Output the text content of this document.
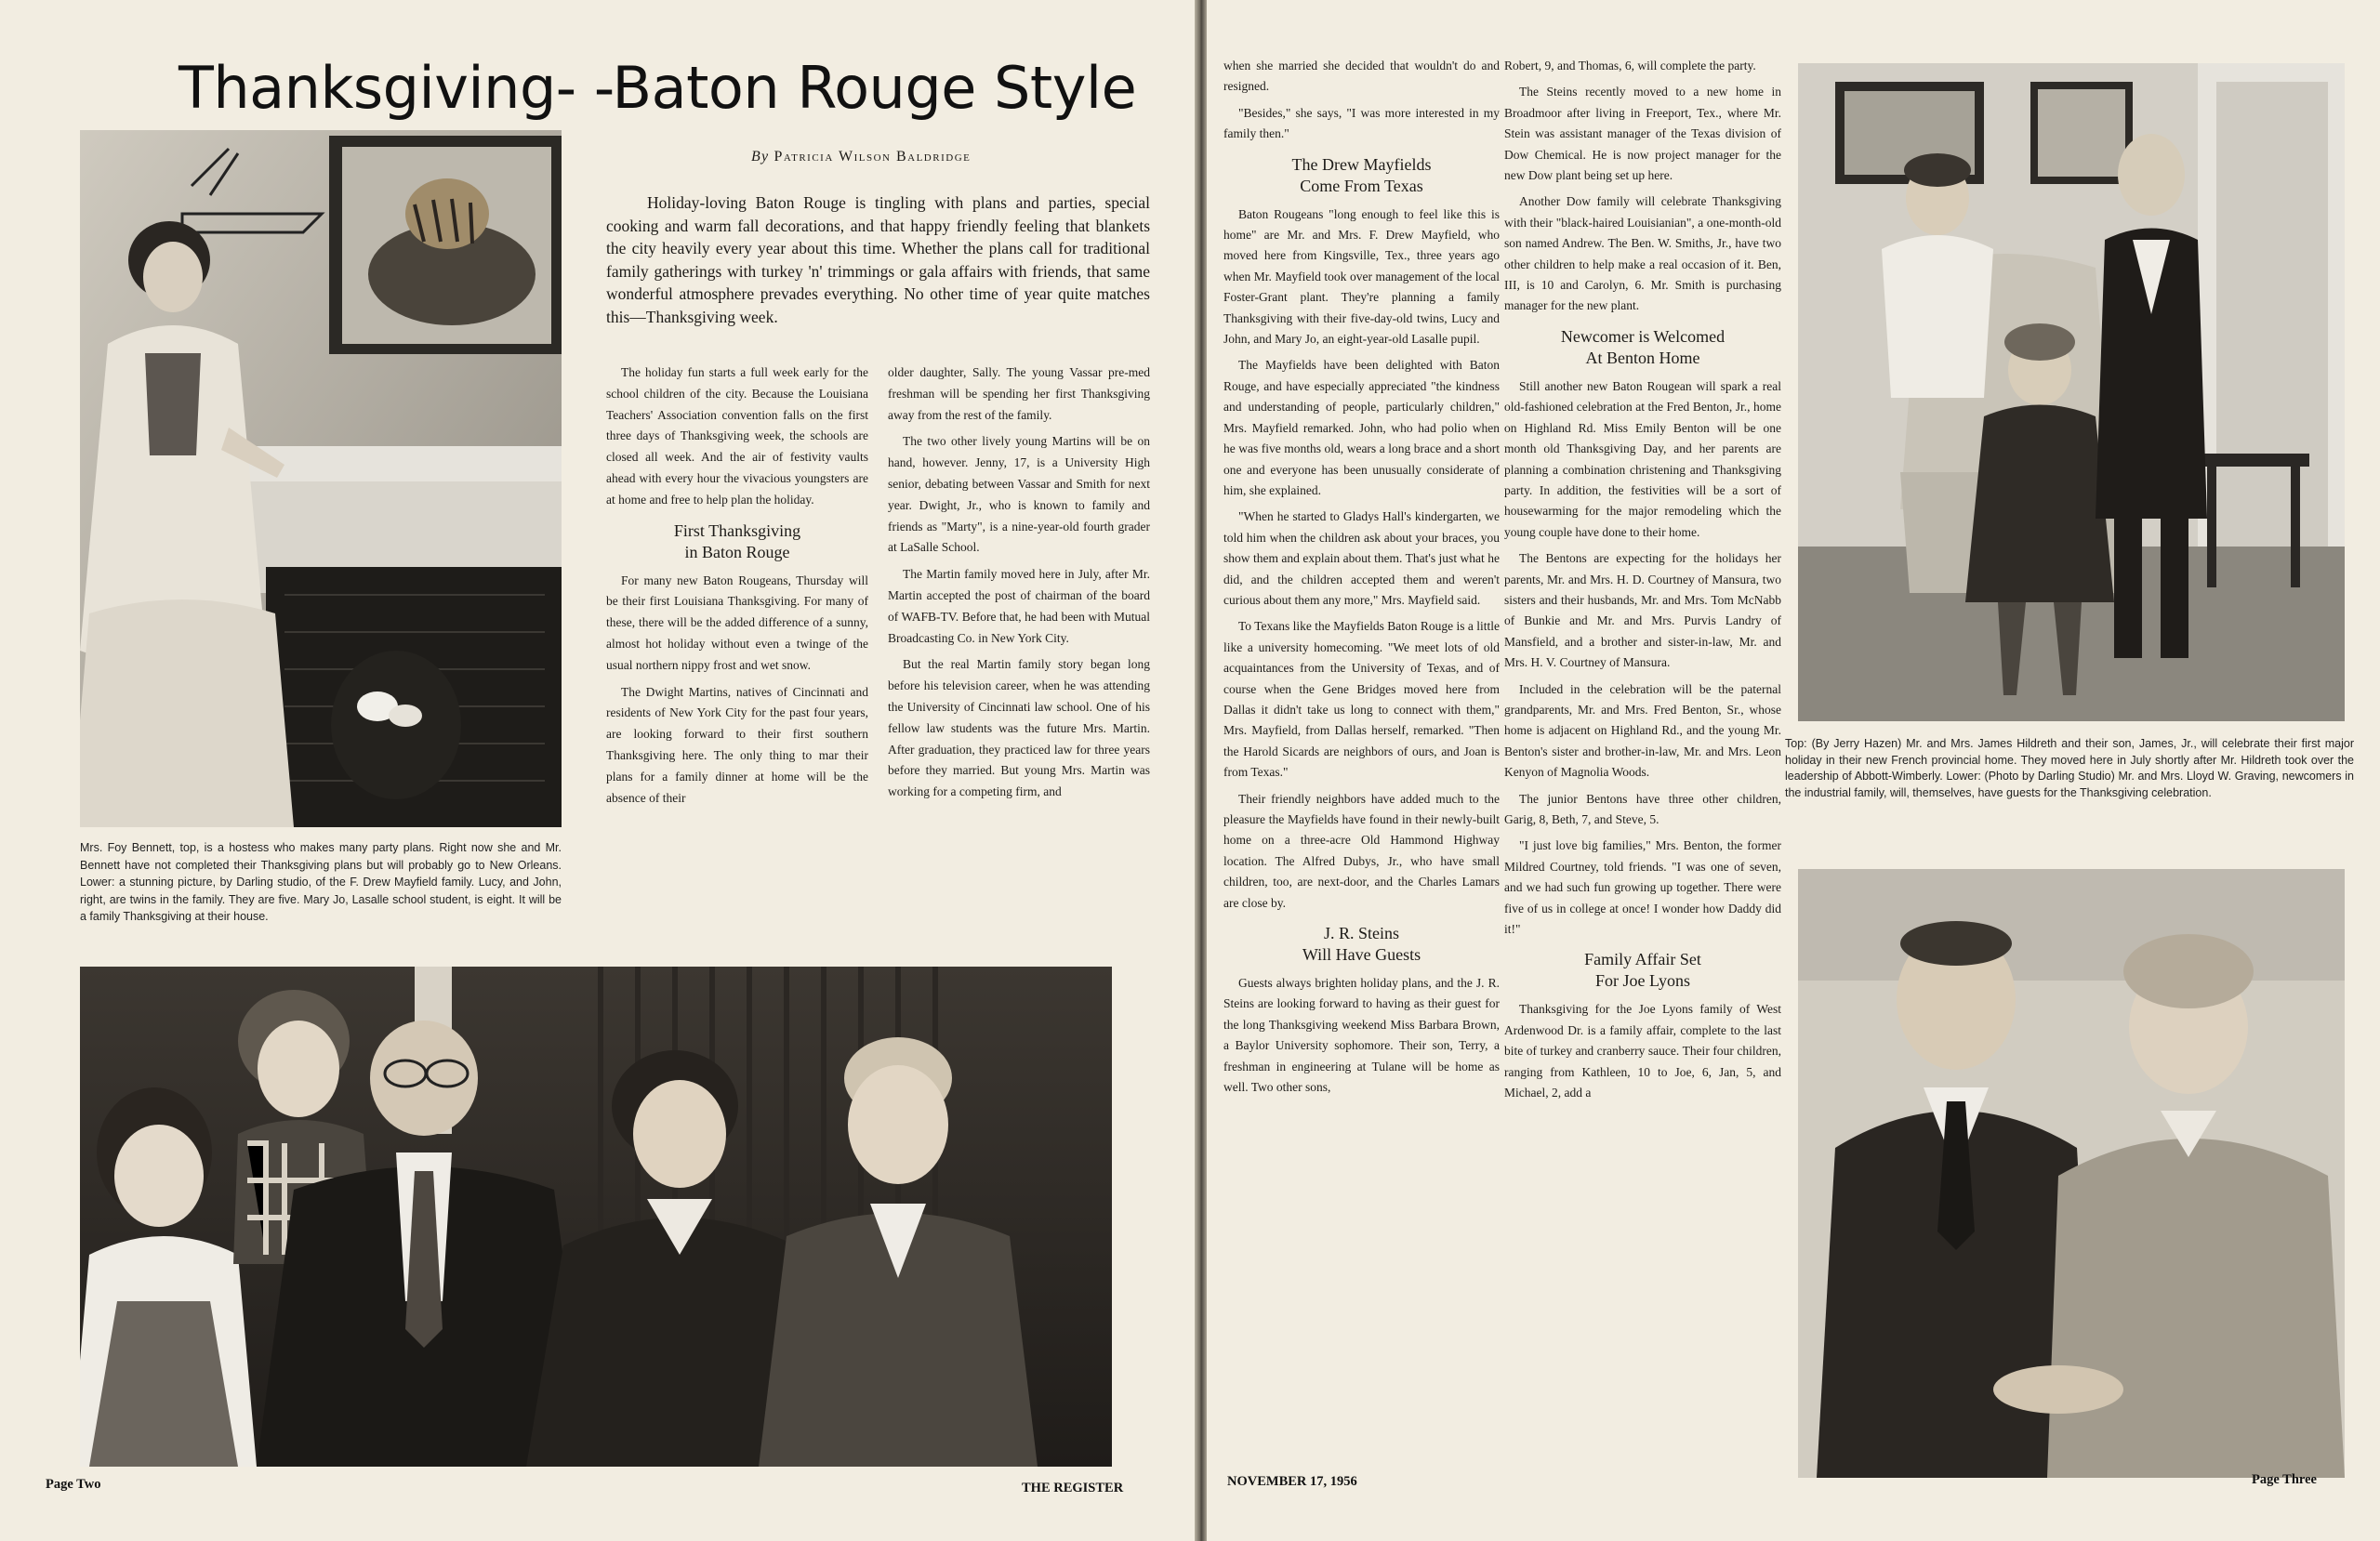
Thanksgiving- -Baton Rouge Style

Mrs. Foy Bennett, top, is a hostess who makes many party plans. Right now she and Mr. Bennett have not completed their Thanksgiving plans but will probably go to New Orleans. Lower: a stunning picture, by Darling studio, of the F. Drew Mayfield family. Lucy, and John, right, are twins in the family. They are five. Mary Jo, Lasalle school student, is eight. It will be a family Thanksgiving at their house.

By Patricia Wilson Baldridge

Holiday-loving Baton Rouge is tingling with plans and parties, special cooking and warm fall decorations, and that happy friendly feeling that blankets the city heavily every year about this time. Whether the plans call for traditional family gatherings with turkey 'n' trimmings or gala affairs with friends, that same wonderful atmosphere prevades everything. No other time of year quite matches this—Thanksgiving week.

The holiday fun starts a full week early for the school children of the city. Because the Louisiana Teachers' Association convention falls on the first three days of Thanksgiving week, the schools are closed all week. And the air of festivity vaults ahead with every hour the vivacious youngsters are at home and free to help plan the holiday.

First Thanksgiving
in Baton Rouge

For many new Baton Rougeans, Thursday will be their first Louisiana Thanksgiving. For many of these, there will be the added difference of a sunny, almost hot holiday without even a twinge of the usual northern nippy frost and wet snow.

The Dwight Martins, natives of Cincinnati and residents of New York City for the past four years, are looking forward to their first southern Thanksgiving here. The only thing to mar their plans for a family dinner at home will be the absence of their

older daughter, Sally. The young Vassar pre-med freshman will be spending her first Thanksgiving away from the rest of the family.

The two other lively young Martins will be on hand, however. Jenny, 17, is a University High senior, debating between Vassar and Smith for next year. Dwight, Jr., who is known to family and friends as "Marty", is a nine-year-old fourth grader at LaSalle School.

The Martin family moved here in July, after Mr. Martin accepted the post of chairman of the board of WAFB-TV. Before that, he had been with Mutual Broadcasting Co. in New York City.

But the real Martin family story began long before his television career, when he was attending the University of Cincinnati law school. One of his fellow law students was the future Mrs. Martin. After graduation, they practiced law for three years before they married. But young Mrs. Martin was working for a competing firm, and

Page Two	THE REGISTER

when she married she decided that wouldn't do and resigned.

"Besides," she says, "I was more interested in my family then."

The Drew Mayfields
Come From Texas

Baton Rougeans "long enough to feel like this is home" are Mr. and Mrs. F. Drew Mayfield, who moved here from Kingsville, Tex., three years ago when Mr. Mayfield took over management of the local Foster-Grant plant. They're planning a family Thanksgiving with their five-day-old twins, Lucy and John, and Mary Jo, an eight-year-old Lasalle pupil.

The Mayfields have been delighted with Baton Rouge, and have especially appreciated "the kindness and understanding of people, particularly children," Mrs. Mayfield remarked. John, who had polio when he was five months old, wears a long brace and a short one and everyone has been unusually considerate of him, she explained.

"When he started to Gladys Hall's kindergarten, we told him when the children ask about your braces, you show them and explain about them. That's just what he did, and the children accepted them and weren't curious about them any more," Mrs. Mayfield said.

To Texans like the Mayfields Baton Rouge is a little like a university homecoming. "We meet lots of old acquaintances from the University of Texas, and of course when the Gene Bridges moved here from Dallas it didn't take us long to connect with them," Mrs. Mayfield, from Dallas herself, remarked. "Then the Harold Sicards are neighbors of ours, and Joan is from Texas."

Their friendly neighbors have added much to the pleasure the Mayfields have found in their newly-built home on a three-acre Old Hammond Highway location. The Alfred Dubys, Jr., who have small children, too, are next-door, and the Charles Lamars are close by.

J. R. Steins
Will Have Guests

Guests always brighten holiday plans, and the J. R. Steins are looking forward to having as their guest for the long Thanksgiving weekend Miss Barbara Brown, a Baylor University sophomore. Their son, Terry, a freshman in engineering at Tulane will be home as well. Two other sons,

Robert, 9, and Thomas, 6, will complete the party.

The Steins recently moved to a new home in Broadmoor after living in Freeport, Tex., where Mr. Stein was assistant manager of the Texas division of Dow Chemical. He is now project manager for the new Dow plant being set up here.

Another Dow family will celebrate Thanksgiving with their "black-haired Louisianian", a one-month-old son named Andrew. The Ben. W. Smiths, Jr., have two other children to help make a real occasion of it. Ben, III, is 10 and Carolyn, 6. Mr. Smith is purchasing manager for the new plant.

Newcomer is Welcomed
At Benton Home

Still another new Baton Rougean will spark a real old-fashioned celebration at the Fred Benton, Jr., home on Highland Rd. Miss Emily Benton will be one month old Thanksgiving Day, and her parents are planning a combination christening and Thanksgiving party. In addition, the festivities will be a sort of housewarming for the major remodeling which the young couple have done to their home.

The Bentons are expecting for the holidays her parents, Mr. and Mrs. H. D. Courtney of Mansura, two sisters and their husbands, Mr. and Mrs. Tom McNabb of Bunkie and Mr. and Mrs. Purvis Landry of Mansfield, and a brother and sister-in-law, Mr. and Mrs. H. V. Courtney of Mansura.

Included in the celebration will be the paternal grandparents, Mr. and Mrs. Fred Benton, Sr., whose home is adjacent on Highland Rd., and the young Mr. Benton's sister and brother-in-law, Mr. and Mrs. Leon Kenyon of Magnolia Woods.

The junior Bentons have three other children, Garig, 8, Beth, 7, and Steve, 5.

"I just love big families," Mrs. Benton, the former Mildred Courtney, told friends. "I was one of seven, and we had such fun growing up together. There were five of us in college at once! I wonder how Daddy did it!"

Family Affair Set
For Joe Lyons

Thanksgiving for the Joe Lyons family of West Ardenwood Dr. is a family affair, complete to the last bite of turkey and cranberry sauce. Their four children, ranging from Kathleen, 10 to Joe, 6, Jan, 5, and Michael, 2, add a

Top: (By Jerry Hazen) Mr. and Mrs. James Hildreth and their son, James, Jr., will celebrate their first major holiday in their new French provincial home. They moved here in July shortly after Mr. Hildreth took over the leadership of Abbott-Wimberly. Lower: (Photo by Darling Studio) Mr. and Mrs. Lloyd W. Graving, newcomers in the industrial family, will, themselves, have guests for the Thanksgiving celebration.

NOVEMBER 17, 1956	Page Three
